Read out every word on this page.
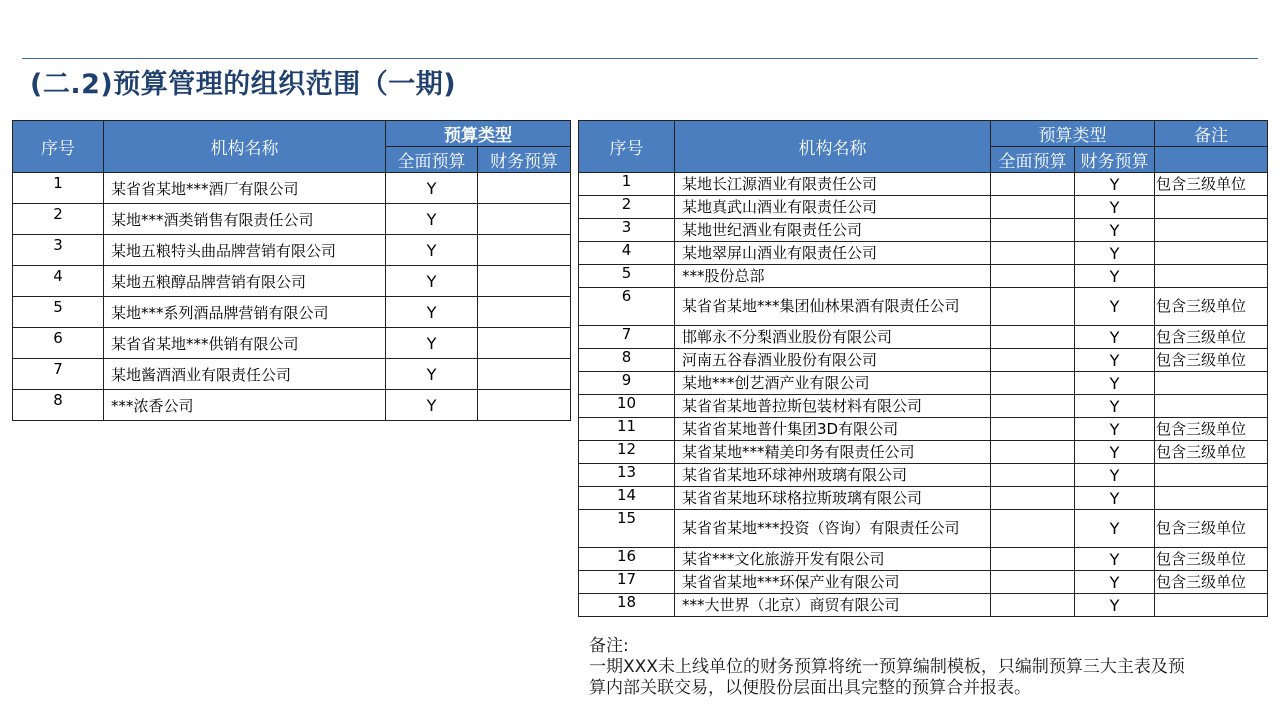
(二.2)预算管理的组织范围（一期)
序号	机构名称	预算类型	
		全面预算	财务预算
1	某省省某地***酒厂有限公司	Y	
2	某地***酒类销售有限责任公司	Y	
3	某地五粮特头曲品牌营销有限公司	Y	
4	某地五粮醇品牌营销有限公司	Y	
5	某地***系列酒品牌营销有限公司	Y	
6	某省省某地***供销有限公司	Y	
7	某地酱酒酒业有限责任公司	Y	
8	***浓香公司	Y	
序号	机构名称	预算类型		备注
		全面预算	财务预算	
1	某地长江源酒业有限责任公司		Y	包含三级单位
2	某地真武山酒业有限责任公司		Y	
3	某地世纪酒业有限责任公司		Y	
4	某地翠屏山酒业有限责任公司		Y	
5	***股份总部		Y	
6	某省省某地***集团仙林果酒有限责任公司		Y	包含三级单位
7	邯郸永不分梨酒业股份有限公司		Y	包含三级单位
8	河南五谷春酒业股份有限公司		Y	包含三级单位
9	某地***创艺酒产业有限公司		Y	
10	某省省某地普拉斯包装材料有限公司		Y	
11	某省省某地普什集团3D有限公司		Y	包含三级单位
12	某省某地***精美印务有限责任公司		Y	包含三级单位
13	某省省某地环球神州玻璃有限公司		Y	
14	某省省某地环球格拉斯玻璃有限公司		Y	
15	某省省某地***投资（咨询）有限责任公司		Y	包含三级单位
16	某省***文化旅游开发有限公司		Y	包含三级单位
17	某省省某地***环保产业有限公司		Y	包含三级单位
18	***大世界（北京）商贸有限公司		Y	
备注:
一期XXX未上线单位的财务预算将统一预算编制模板，只编制预算三大主表及预
算内部关联交易，以便股份层面出具完整的预算合并报表。
